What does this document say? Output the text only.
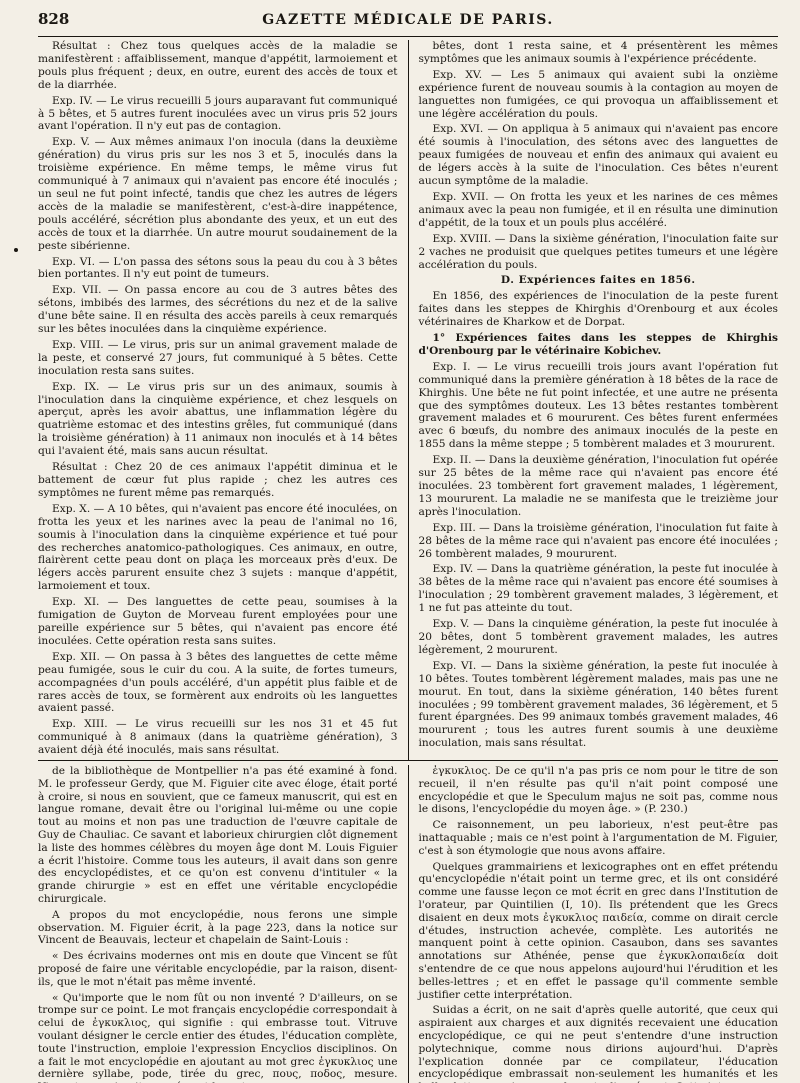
828	GAZETTE MÉDICALE DE PARIS.

Résultat : Chez tous quelques accès de la maladie se manifestèrent : affaiblissement, manque d'appétit, larmoiement et pouls plus fréquent ; deux, en outre, eurent des accès de toux et de la diarrhée.

Exp. IV. — Le virus recueilli 5 jours auparavant fut communiqué à 5 bêtes, et 5 autres furent inoculées avec un virus pris 52 jours avant l'opération. Il n'y eut pas de contagion.

Exp. V. — Aux mêmes animaux l'on inocula (dans la deuxième génération) du virus pris sur les nos 3 et 5, inoculés dans la troisième expérience. En même temps, le même virus fut communiqué à 7 animaux qui n'avaient pas encore été inoculés ; un seul ne fut point infecté, tandis que chez les autres de légers accès de la maladie se manifestèrent, c'est-à-dire inappétence, pouls accéléré, sécrétion plus abondante des yeux, et un eut des accès de toux et la diarrhée. Un autre mourut soudainement de la peste sibérienne.

Exp. VI. — L'on passa des sétons sous la peau du cou à 3 bêtes bien portantes. Il n'y eut point de tumeurs.

Exp. VII. — On passa encore au cou de 3 autres bêtes des sétons, imbibés des larmes, des sécrétions du nez et de la salive d'une bête saine. Il en résulta des accès pareils à ceux remarqués sur les bêtes inoculées dans la cinquième expérience.

Exp. VIII. — Le virus, pris sur un animal gravement malade de la peste, et conservé 27 jours, fut communiqué à 5 bêtes. Cette inoculation resta sans suites.

Exp. IX. — Le virus pris sur un des animaux, soumis à l'inoculation dans la cinquième expérience, et chez lesquels on aperçut, après les avoir abattus, une inflammation légère du quatrième estomac et des intestins grêles, fut communiqué (dans la troisième génération) à 11 animaux non inoculés et à 14 bêtes qui l'avaient été, mais sans aucun résultat.

Résultat : Chez 20 de ces animaux l'appétit diminua et le battement de cœur fut plus rapide ; chez les autres ces symptômes ne furent même pas remarqués.

Exp. X. — A 10 bêtes, qui n'avaient pas encore été inoculées, on frotta les yeux et les narines avec la peau de l'animal no 16, soumis à l'inoculation dans la cinquième expérience et tué pour des recherches anatomico-pathologiques. Ces animaux, en outre, flairèrent cette peau dont on plaça les morceaux près d'eux. De légers accès parurent ensuite chez 3 sujets : manque d'appétit, larmoiement et toux.

Exp. XI. — Des languettes de cette peau, soumises à la fumigation de Guyton de Morveau furent employées pour une pareille expérience sur 5 bêtes, qui n'avaient pas encore été inoculées. Cette opération resta sans suites.

Exp. XII. — On passa à 3 bêtes des languettes de cette même peau fumigée, sous le cuir du cou. A la suite, de fortes tumeurs, accompagnées d'un pouls accéléré, d'un appétit plus faible et de rares accès de toux, se formèrent aux endroits où les languettes avaient passé.

Exp. XIII. — Le virus recueilli sur les nos 31 et 45 fut communiqué à 8 animaux (dans la quatrième génération), 3 avaient déjà été inoculés, mais sans résultat.

bêtes, dont 1 resta saine, et 4 présentèrent les mêmes symptômes que les animaux soumis à l'expérience précédente.

Exp. XV. — Les 5 animaux qui avaient subi la onzième expérience furent de nouveau soumis à la contagion au moyen de languettes non fumigées, ce qui provoqua un affaiblissement et une légère accélération du pouls.

Exp. XVI. — On appliqua à 5 animaux qui n'avaient pas encore été soumis à l'inoculation, des sétons avec des languettes de peaux fumigées de nouveau et enfin des animaux qui avaient eu de légers accès à la suite de l'inoculation. Ces bêtes n'eurent aucun symptôme de la maladie.

Exp. XVII. — On frotta les yeux et les narines de ces mêmes animaux avec la peau non fumigée, et il en résulta une diminution d'appétit, de la toux et un pouls plus accéléré.

Exp. XVIII. — Dans la sixième génération, l'inoculation faite sur 2 vaches ne produisit que quelques petites tumeurs et une légère accélération du pouls.

D. Expériences faites en 1856.

En 1856, des expériences de l'inoculation de la peste furent faites dans les steppes de Khirghis d'Orenbourg et aux écoles vétérinaires de Kharkow et de Dorpat.

1° Expériences faites dans les steppes de Khirghis d'Orenbourg par le vétérinaire Kobichev.

Exp. I. — Le virus recueilli trois jours avant l'opération fut communiqué dans la première génération à 18 bêtes de la race de Khirghis. Une bête ne fut point infectée, et une autre ne présenta que des symptômes douteux. Les 13 bêtes restantes tombèrent gravement malades et 6 moururent. Ces bêtes furent enfermées avec 6 bœufs, du nombre des animaux inoculés de la peste en 1855 dans la même steppe ; 5 tombèrent malades et 3 moururent.

Exp. II. — Dans la deuxième génération, l'inoculation fut opérée sur 25 bêtes de la même race qui n'avaient pas encore été inoculées. 23 tombèrent fort gravement malades, 1 légèrement, 13 moururent. La maladie ne se manifesta que le treizième jour après l'inoculation.

Exp. III. — Dans la troisième génération, l'inoculation fut faite à 28 bêtes de la même race qui n'avaient pas encore été inoculées ; 26 tombèrent malades, 9 moururent.

Exp. IV. — Dans la quatrième génération, la peste fut inoculée à 38 bêtes de la même race qui n'avaient pas encore été soumises à l'inoculation ; 29 tombèrent gravement malades, 3 légèrement, et 1 ne fut pas atteinte du tout.

Exp. V. — Dans la cinquième génération, la peste fut inoculée à 20 bêtes, dont 5 tombèrent gravement malades, les autres légèrement, 2 moururent.

Exp. VI. — Dans la sixième génération, la peste fut inoculée à 10 bêtes. Toutes tombèrent légèrement malades, mais pas une ne mourut. En tout, dans la sixième génération, 140 bêtes furent inoculées ; 99 tombèrent gravement malades, 36 légèrement, et 5 furent épargnées. Des 99 animaux tombés gravement malades, 46 moururent ; tous les autres furent soumis à une deuxième inoculation, mais sans résultat.

de la bibliothèque de Montpellier n'a pas été examiné à fond. M. le professeur Gerdy, que M. Figuier cite avec éloge, était porté à croire, si nous en souvient, que ce fameux manuscrit, qui est en langue romane, devait être ou l'original lui-même ou une copie tout au moins et non pas une traduction de l'œuvre capitale de Guy de Chauliac. Ce savant et laborieux chirurgien clôt dignement la liste des hommes célèbres du moyen âge dont M. Louis Figuier a écrit l'histoire. Comme tous les auteurs, il avait dans son genre des encyclopédistes, et ce qu'on est convenu d'intituler « la grande chirurgie » est en effet une véritable encyclopédie chirurgicale.

A propos du mot encyclopédie, nous ferons une simple observation. M. Figuier écrit, à la page 223, dans la notice sur Vincent de Beauvais, lecteur et chapelain de Saint-Louis :

« Des écrivains modernes ont mis en doute que Vincent se fût proposé de faire une véritable encyclopédie, par la raison, disent-ils, que le mot n'était pas même inventé.

« Qu'importe que le nom fût ou non inventé ? D'ailleurs, on se trompe sur ce point. Le mot français encyclopédie correspondait à celui de ἐγκυκλιος, qui signifie : qui embrasse tout. Vitruve voulant désigner le cercle entier des études, l'éducation complète, toute l'instruction, emploie l'expression Encyclios disciplinos. On a fait le mot encyclopédie en ajoutant au mot grec ἐγκυκλιος une dernière syllabe, pode, tirée du grec, πους, ποδος, mesure.

ἐγκυκλιος. De ce qu'il n'a pas pris ce nom pour le titre de son recueil, il n'en résulte pas qu'il n'ait point composé une encyclopédie et que le Speculum majus ne soit pas, comme nous le disons, l'encyclopédie du moyen âge. » (P. 230.)

Ce raisonnement, un peu laborieux, n'est peut-être pas inattaquable ; mais ce n'est point à l'argumentation de M. Figuier, c'est à son étymologie que nous avons affaire.

Quelques grammairiens et lexicographes ont en effet prétendu qu'encyclopédie n'était point un terme grec, et ils ont considéré comme une fausse leçon ce mot écrit en grec dans l'Institution de l'orateur, par Quintilien (I, 10). Ils prétendent que les Grecs disaient en deux mots ἐγκυκλιος παιδεία, comme on dirait cercle d'études, instruction achevée, complète. Les autorités ne manquent point à cette opinion. Casaubon, dans ses savantes annotations sur Athénée, pense que ἐγκυκλοπαιδεία doit s'entendre de ce que nous appelons aujourd'hui l'érudition et les belles-lettres ; et en effet le passage qu'il commente semble justifier cette interprétation.

Suidas a écrit, on ne sait d'après quelle autorité, que ceux qui aspiraient aux charges et aux dignités recevaient une éducation encyclopédique, ce qui ne peut s'entendre d'une instruction polytechnique, comme nous dirions aujourd'hui. D'après l'explication donnée par ce compilateur, l'éducation encyclopédique embrassait non-seulement les humanités et les
